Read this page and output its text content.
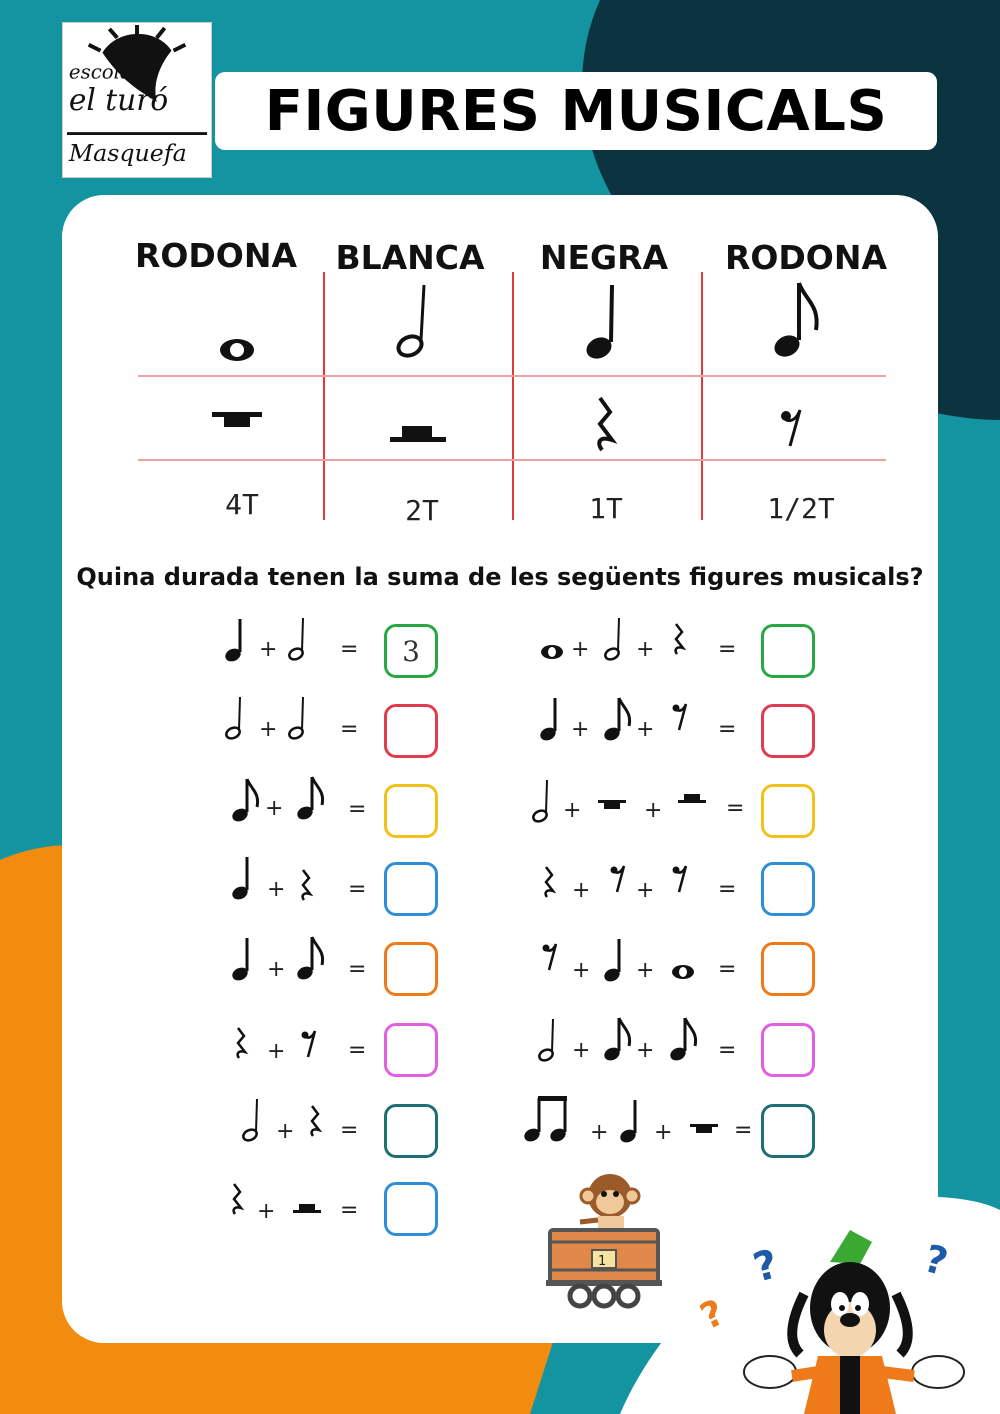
escola
el turó
Masquefa
FIGURES MUSICALS
RODONA	BLANCA	NEGRA	RODONA
4T	2T	1T	1/2T
Quina durada tenen la suma de les següents figures musicals?
+	=
+	=
+	=
+	=
+	=
+	=
+ =
+	=
+ +	=
+ +	=
+	+	=
+ +	=
+ +	=
+ +	=
+ +	=
3
1	?	?
?
